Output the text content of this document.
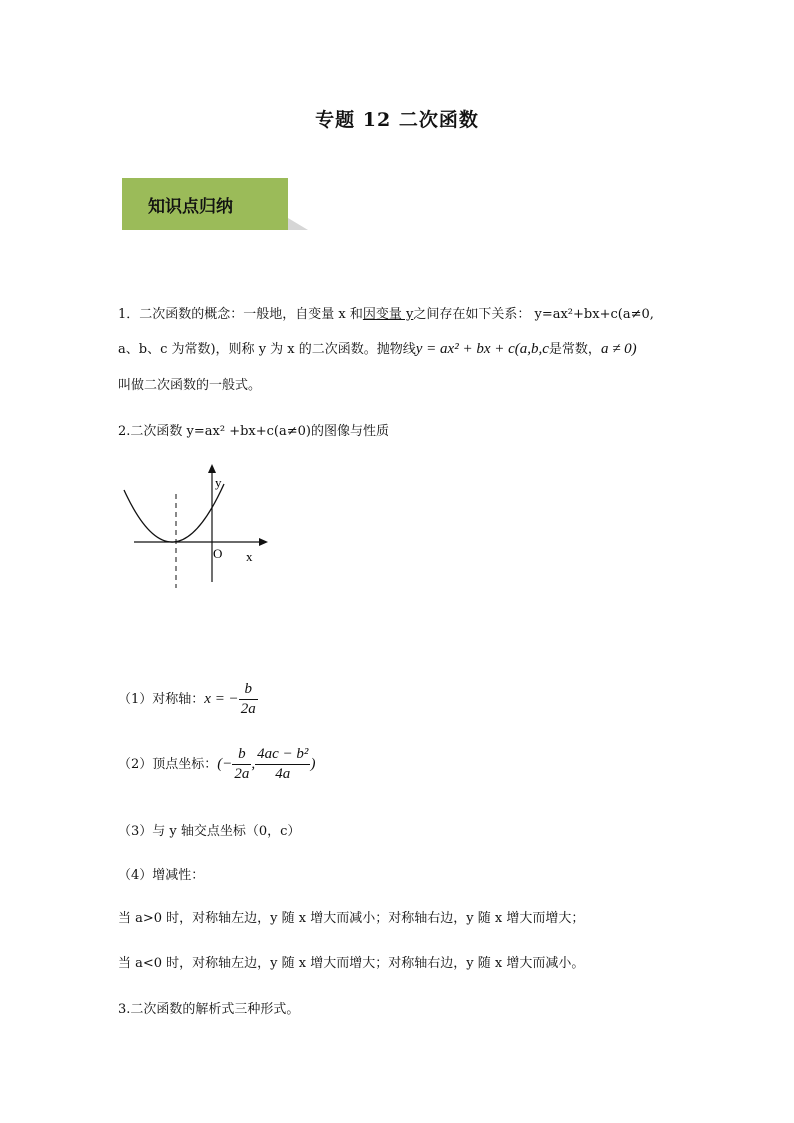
专题 12 二次函数
知识点归纳
1．二次函数的概念：一般地，自变量 x 和因变量 y之间存在如下关系： y=ax²+bx+c(a≠0,
a、b、c 为常数)，则称 y 为 x 的二次函数。抛物线y = ax² + bx + c(a,b,c是常数，a ≠ 0)
叫做二次函数的一般式。
2.二次函数 y=ax² +bx+c(a≠0)的图像与性质
y
x
O
（1）对称轴：x = − $\frac{b}{2a}$
（2）顶点坐标：(− $\frac{b}{2a}$ , $\frac{\text{4ac − b²}}{4a}$ )
（3）与 y 轴交点坐标（0，c）
（4）增减性：
当 a>0 时，对称轴左边，y 随 x 增大而减小；对称轴右边，y 随 x 增大而增大；
当 a<0 时，对称轴左边，y 随 x 增大而增大；对称轴右边，y 随 x 增大而减小。
3.二次函数的解析式三种形式。
